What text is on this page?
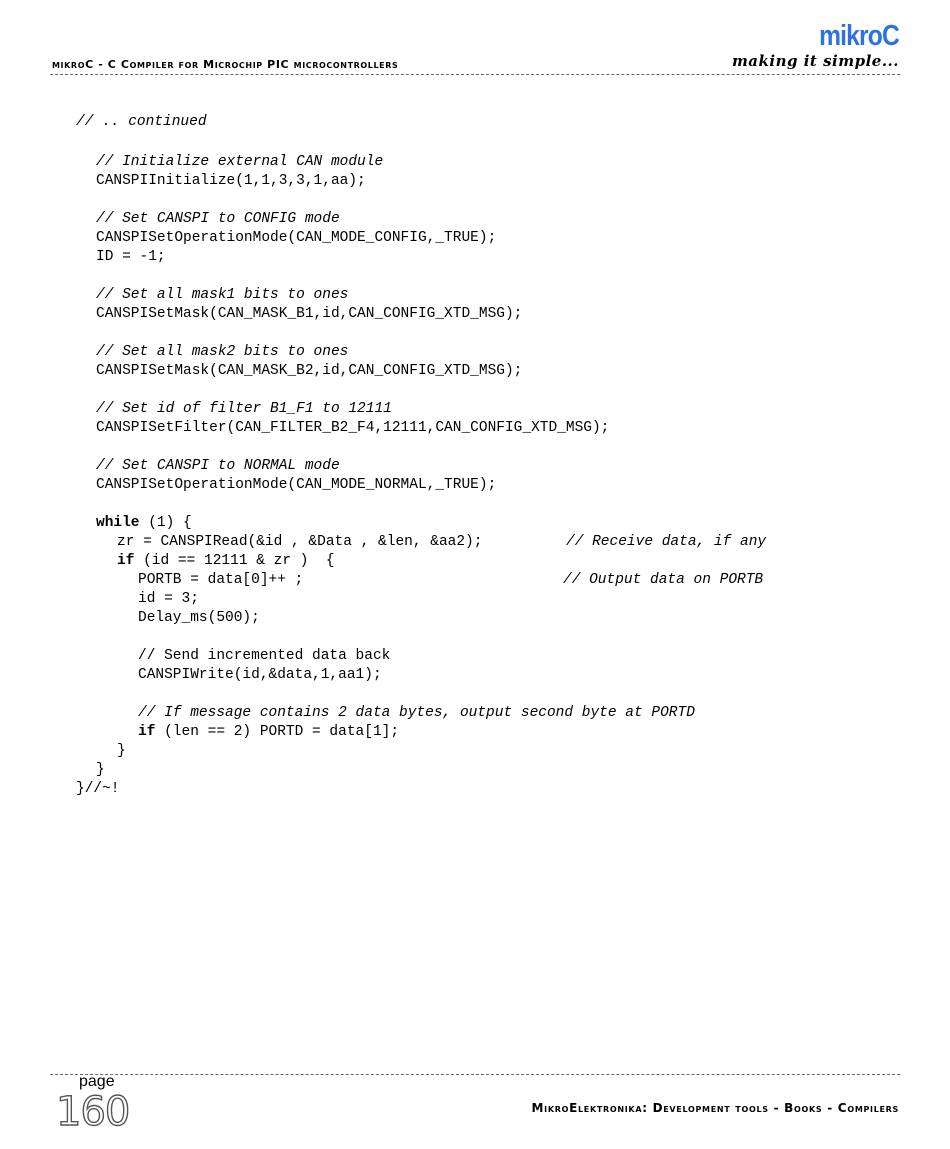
mikroC - C Compiler for Microchip PIC microcontrollers
mikroC
making it simple...
// .. continued
// Initialize external CAN module
CANSPIInitialize(1,1,3,3,1,aa);
// Set CANSPI to CONFIG mode
CANSPISetOperationMode(CAN_MODE_CONFIG,_TRUE);
ID = -1;
// Set all mask1 bits to ones
CANSPISetMask(CAN_MASK_B1,id,CAN_CONFIG_XTD_MSG);
// Set all mask2 bits to ones
CANSPISetMask(CAN_MASK_B2,id,CAN_CONFIG_XTD_MSG);
// Set id of filter B1_F1 to 12111
CANSPISetFilter(CAN_FILTER_B2_F4,12111,CAN_CONFIG_XTD_MSG);
// Set CANSPI to NORMAL mode
CANSPISetOperationMode(CAN_MODE_NORMAL,_TRUE);
while (1) {
zr = CANSPIRead(&id , &Data , &len, &aa2);	// Receive data, if any
if (id == 12111 & zr )  {
PORTB = data[0]++ ;	// Output data on PORTB
id = 3;
Delay_ms(500);
// Send incremented data back
CANSPIWrite(id,&data,1,aa1);
// If message contains 2 data bytes, output second byte at PORTD
if (len == 2) PORTD = data[1];
}
}
}//~!
page
160	MikroElektronika: Development tools - Books - Compilers
